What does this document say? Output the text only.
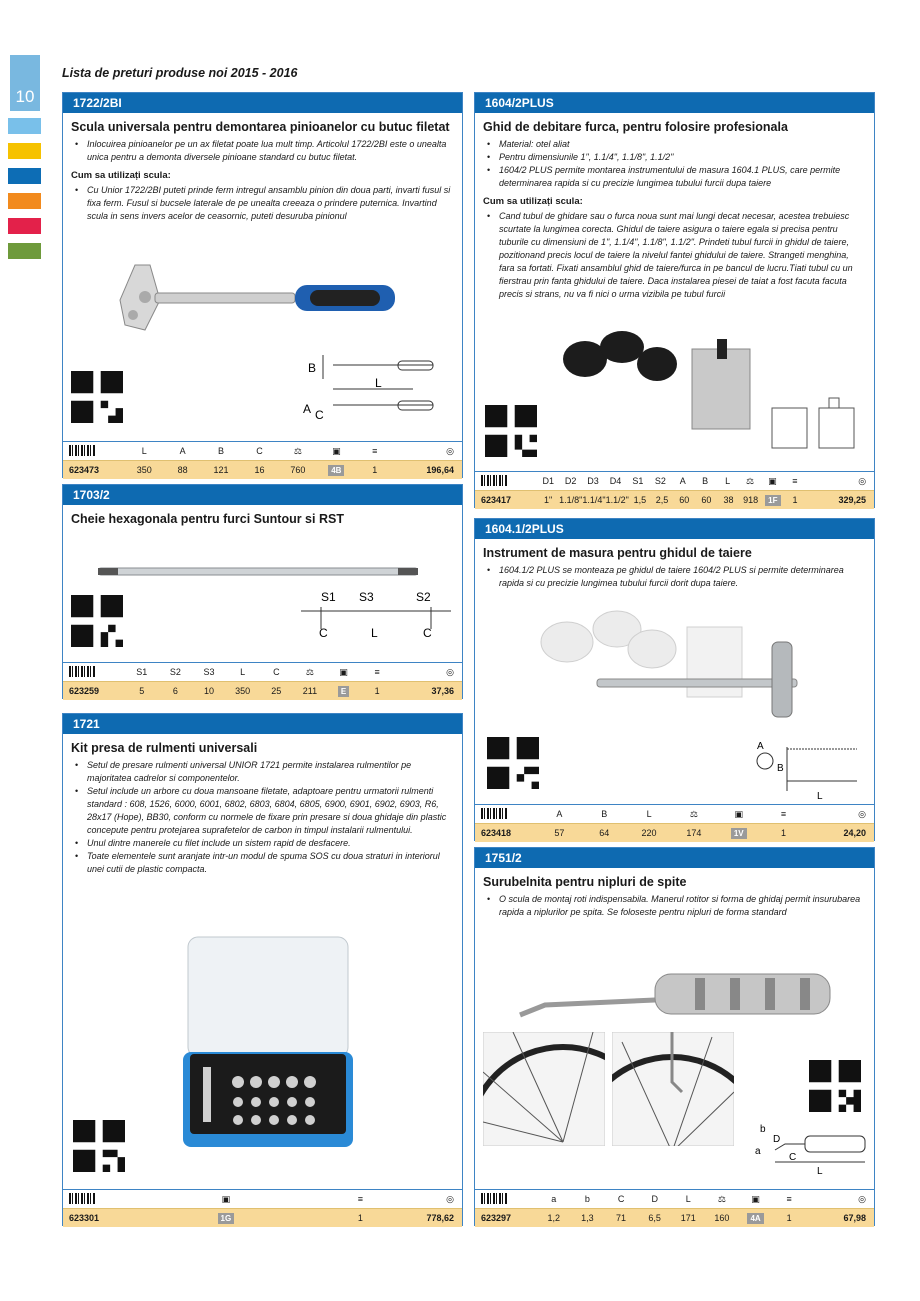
10
Lista de preturi produse noi 2015 - 2016
1722/2BI
Scula universala pentru demontarea pinioanelor cu butuc filetat
• Inlocuirea pinioanelor pe un ax filetat poate lua mult timp. Articolul 1722/2BI este o unealta unica pentru a demonta diversele pinioane standard cu butuc filetat.
Cum sa utilizați scula:
• Cu Unior 1722/2BI puteti prinde ferm intregul ansamblu pinion din doua parti, invarti fusul si fixa ferm. Fusul si bucsele laterale de pe unealta creeaza o prindere puternica. Invartind scula in sens invers acelor de ceasornic, puteti desuruba pinionul
B
L
A C
L	A	B	C	⚖	▣	≡	◎
623473	350	88	121	16	760	4B	1	196,64
1703/2
Cheie hexagonala pentru furci Suntour si RST
S1 S3	S2
C	L	C
S1	S2	S3	L	C	⚖	▣	≡	◎
623259	5	6	10	350	25	211	E	1	37,36
1721
Kit presa de rulmenti universali
• Setul de presare rulmenti universal UNIOR 1721 permite instalarea rulmentilor pe majoritatea cadrelor si componentelor.
• Setul include un arbore cu doua mansoane filetate, adaptoare pentru urmatorii rulmenti standard : 608, 1526, 6000, 6001, 6802, 6803, 6804, 6805, 6900, 6901, 6902, 6903, R6, 28x17 (Hope), BB30, conform cu normele de fixare prin presare si doua ghidaje din plastic concepute pentru protejarea suprafetelor de carbon in timpul instalarii rulmentului.
• Unul dintre manerele cu filet include un sistem rapid de desfacere.
• Toate elementele sunt aranjate intr-un modul de spuma SOS cu doua straturi in interiorul unei cutii de plastic compacta.
▣	≡	◎
623301	1G	1	778,62
1604/2PLUS
Ghid de debitare furca, pentru folosire profesionala
• Material: otel aliat
• Pentru dimensiunile 1", 1.1/4", 1.1/8", 1.1/2"
• 1604/2 PLUS permite montarea instrumentului de masura 1604.1 PLUS, care permite determinarea rapida si cu precizie lungimea tubului furcii dupa taiere
Cum sa utilizați scula:
• Cand tubul de ghidare sau o furca noua sunt mai lungi decat necesar, acestea trebuiesc scurtate la lungimea corecta. Ghidul de taiere asigura o taiere egala si precisa pentru tuburile cu dimensiuni de 1", 1.1/4", 1.1/8", 1.1/2". Prindeti tubul furcii in ghidul de taiere, pozitionand precis locul de taiere la nivelul fantei ghidului de taiere. Strangeti menghina, fara sa fortati. Fixati ansamblul ghid de taiere/furca in pe bancul de lucru.Tiati tubul cu un fierstrau prin fanta ghidului de taiere. Daca instalarea piesei de taiat a fost facuta facuta precis si strans, nu va fi nici o urma vizibila pe tubul furcii
D1	D2	D3	D4	S1	S2	A	B	L	⚖	▣	≡	◎
623417	1" 1.1/8" 1.1/4" 1.1/2" 1,5	2,5	60	60	38	918	1F	1	329,25
1604.1/2PLUS
Instrument de masura pentru ghidul de taiere
• 1604.1/2 PLUS se monteaza pe ghidul de taiere 1604/2 PLUS si permite determinarea rapida si cu precizie lungimea tubului furcii dorit dupa taiere.
A
B
L
A	B	L	⚖	▣	≡	◎
623418	57	64	220	174	1V	1	24,20
1751/2
Surubelnita pentru nipluri de spite
• O scula de montaj roti indispensabila. Manerul rotitor si forma de ghidaj permit insurubarea rapida a niplurilor pe spita. Se foloseste pentru nipluri de forma standard
b
D
a
C
L
a	b	C	D	L	⚖	▣	≡	◎
623297	1,2	1,3	71	6,5	171	160	4A	1	67,98
